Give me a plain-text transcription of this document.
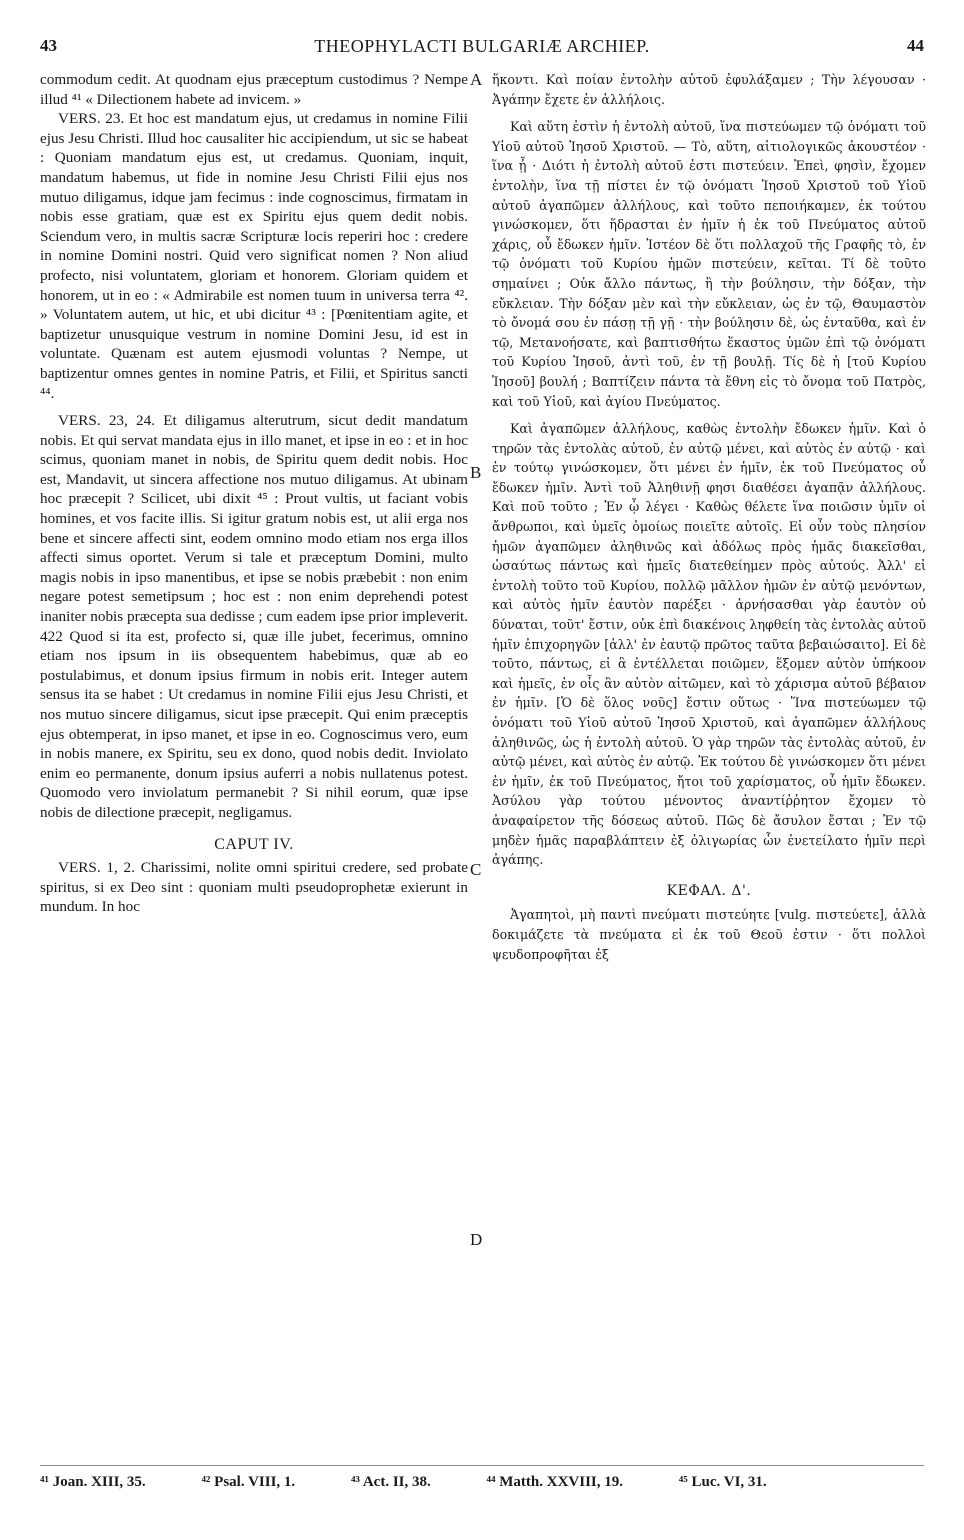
43	THEOPHYLACTI BULGARIÆ ARCHIEP.	44

commodum cedit. At quodnam ejus præceptum custodimus ? Nempe illud ⁴¹ « Dilectionem habete ad invicem. »

VERS. 23. Et hoc est mandatum ejus, ut credamus in nomine Filii ejus Jesu Christi. Illud hoc causaliter hic accipiendum, ut sic se habeat : Quoniam mandatum ejus est, ut credamus. Quoniam, inquit, mandatum habemus, ut fide in nomine Jesu Christi Filii ejus nos mutuo diligamus, idque jam fecimus : inde cognoscimus, firmatam in nobis esse gratiam, quæ est ex Spiritu ejus quem dedit nobis. Sciendum vero, in multis sacræ Scripturæ locis reperiri hoc : credere in nomine Domini nostri. Quid vero significat nomen ? Non aliud profecto, nisi voluntatem, gloriam et honorem. Gloriam quidem et honorem, ut in eo : « Admirabile est nomen tuum in universa terra ⁴². » Voluntatem autem, ut hic, et ubi dicitur ⁴³ : [Pœnitentiam agite, et baptizetur unusquique vestrum in nomine Domini Jesu, id est in voluntate. Quænam est autem ejusmodi voluntas ? Nempe, ut baptizentur omnes gentes in nomine Patris, et Filii, et Spiritus sancti ⁴⁴.

VERS. 23, 24. Et diligamus alterutrum, sicut dedit mandatum nobis. Et qui servat mandata ejus in illo manet, et ipse in eo : et in hoc scimus, quoniam manet in nobis, de Spiritu quem dedit nobis. Hoc est, Mandavit, ut sincera affectione nos mutuo diligamus. At ubinam hoc præcepit ? Scilicet, ubi dixit ⁴⁵ : Prout vultis, ut faciant vobis homines, et vos facite illis. Si igitur gratum nobis est, ut alii erga nos bene et sincere affecti sint, eodem omnino modo etiam nos erga illos affecti simus oportet. Verum si tale et præceptum Domini, multo magis nobis in ipso manentibus, et ipse se nobis præbebit : non enim negare potest semetipsum ; hoc est : non enim deprehendi potest inaniter nobis præcepta sua dedisse ; cum eadem ipse prior impleverit. 422 Quod si ita est, profecto si, quæ ille jubet, fecerimus, omnino etiam nos ipsum in iis obsequentem habebimus, quæ ab eo postulabimus, et donum ipsius firmum in nobis erit. Integer autem sensus ita se habet : Ut credamus in nomine Filii ejus Jesu Christi, et nos mutuo sincere diligamus, sicut ipse præcepit. Qui enim præceptis ejus obtemperat, in ipso manet, et ipse in eo. Cognoscimus vero, eum in nobis manere, ex Spiritu, seu ex dono, quod nobis dedit. Inviolato enim eo permanente, donum ipsius auferri a nobis nullatenus potest. Quomodo vero inviolatum permanebit ? Si nihil eorum, quæ ipse nobis de dilectione præcepit, negligamus.

CAPUT IV.

VERS. 1, 2. Charissimi, nolite omni spiritui credere, sed probate spiritus, si ex Deo sint : quoniam multi pseudoprophetæ exierunt in mundum. In hoc

A
B
C
D

ἥκοντι. Καὶ ποίαν ἐντολὴν αὐτοῦ ἐφυλάξαμεν ; Τὴν λέγουσαν · Ἀγάπην ἔχετε ἐν ἀλλήλοις.

Καὶ αὕτη ἐστὶν ἡ ἐντολὴ αὐτοῦ, ἵνα πιστεύωμεν τῷ ὀνόματι τοῦ Υἱοῦ αὐτοῦ Ἰησοῦ Χριστοῦ. — Τὸ, αὕτη, αἰτιολογικῶς ἀκουστέον · ἵνα ᾖ · Διότι ἡ ἐντολὴ αὐτοῦ ἐστι πιστεύειν. Ἐπεὶ, φησὶν, ἔχομεν ἐντολὴν, ἵνα τῇ πίστει ἐν τῷ ὀνόματι Ἰησοῦ Χριστοῦ τοῦ Υἱοῦ αὐτοῦ ἀγαπῶμεν ἀλλήλους, καὶ τοῦτο πεποιήκαμεν, ἐκ τούτου γινώσκομεν, ὅτι ἥδρασται ἐν ἡμῖν ἡ ἐκ τοῦ Πνεύματος αὐτοῦ χάρις, οὗ ἔδωκεν ἡμῖν. Ἰστέον δὲ ὅτι πολλαχοῦ τῆς Γραφῆς τὸ, ἐν τῷ ὀνόματι τοῦ Κυρίου ἡμῶν πιστεύειν, κεῖται. Τί δὲ τοῦτο σημαίνει ; Οὐκ ἄλλο πάντως, ἢ τὴν βούλησιν, τὴν δόξαν, τὴν εὔκλειαν. Τὴν δόξαν μὲν καὶ τὴν εὔκλειαν, ὡς ἐν τῷ, Θαυμαστὸν τὸ ὄνομά σου ἐν πάσῃ τῇ γῇ · τὴν βούλησιν δὲ, ὡς ἐνταῦθα, καὶ ἐν τῷ, Μετανοήσατε, καὶ βαπτισθήτω ἕκαστος ὑμῶν ἐπὶ τῷ ὀνόματι τοῦ Κυρίου Ἰησοῦ, ἀντὶ τοῦ, ἐν τῇ βουλῇ. Τίς δὲ ἡ [τοῦ Κυρίου Ἰησοῦ] βουλή ; Βαπτίζειν πάντα τὰ ἔθνη εἰς τὸ ὄνομα τοῦ Πατρὸς, καὶ τοῦ Υἱοῦ, καὶ ἁγίου Πνεύματος.

Καὶ ἀγαπῶμεν ἀλλήλους, καθὼς ἐντολὴν ἔδωκεν ἡμῖν. Καὶ ὁ τηρῶν τὰς ἐντολὰς αὐτοῦ, ἐν αὐτῷ μένει, καὶ αὐτὸς ἐν αὐτῷ · καὶ ἐν τούτῳ γινώσκομεν, ὅτι μένει ἐν ἡμῖν, ἐκ τοῦ Πνεύματος οὗ ἔδωκεν ἡμῖν. Ἀντὶ τοῦ Ἀληθινῇ φησι διαθέσει ἀγαπᾷν ἀλλήλους. Καὶ ποῦ τοῦτο ; Ἐν ᾧ λέγει · Καθὼς θέλετε ἵνα ποιῶσιν ὑμῖν οἱ ἄνθρωποι, καὶ ὑμεῖς ὁμοίως ποιεῖτε αὐτοῖς. Εἰ οὖν τοὺς πλησίον ἡμῶν ἀγαπῶμεν ἀληθινῶς καὶ ἀδόλως πρὸς ἡμᾶς διακεῖσθαι, ὡσαύτως πάντως καὶ ἡμεῖς διατεθείημεν πρὸς αὐτούς. Ἀλλ' εἰ ἐντολὴ τοῦτο τοῦ Κυρίου, πολλῷ μᾶλλον ἡμῶν ἐν αὐτῷ μενόντων, καὶ αὐτὸς ἡμῖν ἑαυτὸν παρέξει · ἀρνήσασθαι γὰρ ἑαυτὸν οὐ δύναται, τοῦτ' ἔστιν, οὐκ ἐπὶ διακένοις ληφθείη τὰς ἐντολὰς αὐτοῦ ἡμῖν ἐπιχορηγῶν [ἀλλ' ἐν ἑαυτῷ πρῶτος ταῦτα βεβαιώσαιτο]. Εἰ δὲ τοῦτο, πάντως, εἰ ἃ ἐντέλλεται ποιῶμεν, ἕξομεν αὐτὸν ὑπήκοον καὶ ἡμεῖς, ἐν οἷς ἂν αὐτὸν αἰτῶμεν, καὶ τὸ χάρισμα αὐτοῦ βέβαιον ἐν ἡμῖν. [Ὁ δὲ ὅλος νοῦς] ἔστιν οὕτως · Ἵνα πιστεύωμεν τῷ ὀνόματι τοῦ Υἱοῦ αὐτοῦ Ἰησοῦ Χριστοῦ, καὶ ἀγαπῶμεν ἀλλήλους ἀληθινῶς, ὡς ἡ ἐντολὴ αὐτοῦ. Ὁ γὰρ τηρῶν τὰς ἐντολὰς αὐτοῦ, ἐν αὐτῷ μένει, καὶ αὐτὸς ἐν αὐτῷ. Ἐκ τούτου δὲ γινώσκομεν ὅτι μένει ἐν ἡμῖν, ἐκ τοῦ Πνεύματος, ἤτοι τοῦ χαρίσματος, οὗ ἡμῖν ἔδωκεν. Ἀσύλου γὰρ τούτου μένοντος ἀναντίῤῥητον ἔχομεν τὸ ἀναφαίρετον τῆς δόσεως αὐτοῦ. Πῶς δὲ ἄσυλον ἔσται ; Ἐν τῷ μηδὲν ἡμᾶς παραβλάπτειν ἐξ ὀλιγωρίας ὧν ἐνετείλατο ἡμῖν περὶ ἀγάπης.

ΚΕΦΑΛ. Δ'.

Ἀγαπητοὶ, μὴ παντὶ πνεύματι πιστεύητε [vulg. πιστεύετε], ἀλλὰ δοκιμάζετε τὰ πνεύματα εἰ ἐκ τοῦ Θεοῦ ἐστιν · ὅτι πολλοὶ ψευδοπροφῆται ἐξ

⁴¹ Joan. XIII, 35.	⁴² Psal. VIII, 1.	⁴³ Act. II, 38.	⁴⁴ Matth. XXVIII, 19.	⁴⁵ Luc. VI, 31.
